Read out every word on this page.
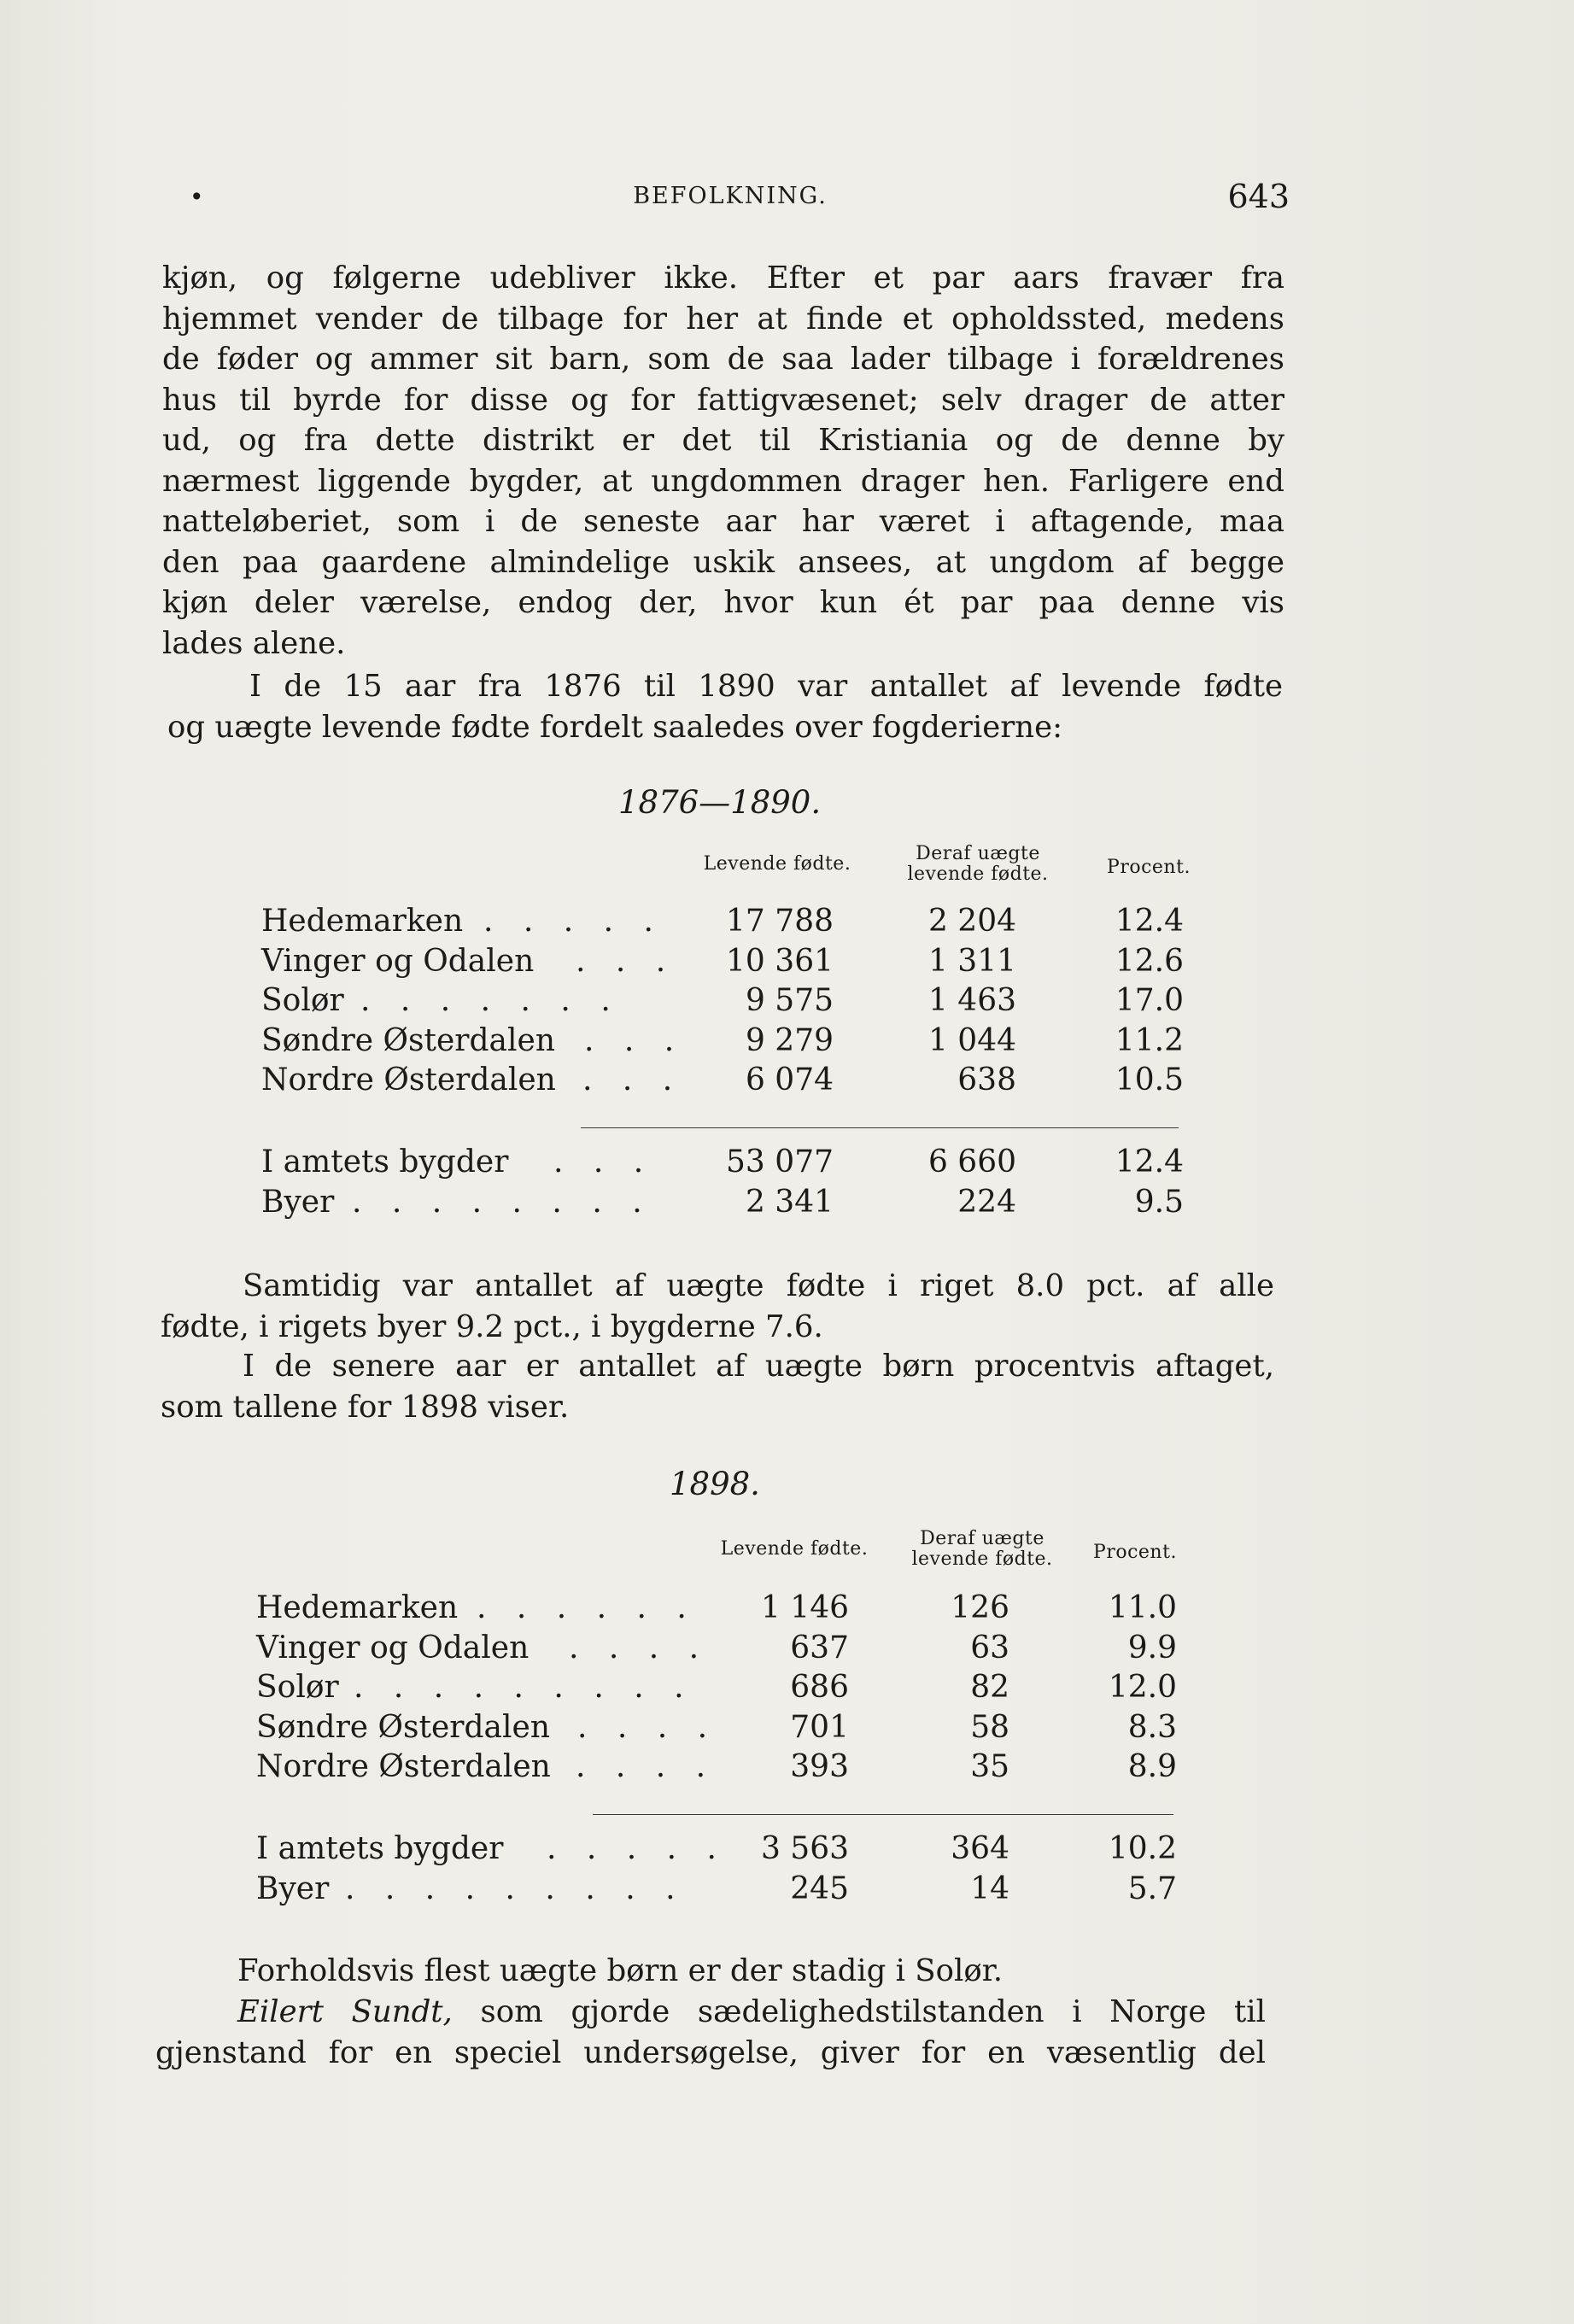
•	BEFOLKNING.	643

kjøn, og følgerne udebliver ikke. Efter et par aars fravær fra
hjemmet vender de tilbage for her at finde et opholdssted, medens
de føder og ammer sit barn, som de saa lader tilbage i forældrenes
hus til byrde for disse og for fattigvæsenet; selv drager de atter
ud, og fra dette distrikt er det til Kristiania og de denne by
nærmest liggende bygder, at ungdommen drager hen. Farligere end
natteløberiet, som i de seneste aar har været i aftagende, maa
den paa gaardene almindelige uskik ansees, at ungdom af begge
kjøn deler værelse, endog der, hvor kun ét par paa denne vis
lades alene.

I de 15 aar fra 1876 til 1890 var antallet af levende fødte
og uægte levende fødte fordelt saaledes over fogderierne:

1876—1890.
Levende fødte.	Deraf uægte
levende fødte.	Procent.
Hedemarken . . . . . 17 788	2 204	12.4
Vinger og Odalen . . . 10 361	1 311	12.6
Solør . . . . . . .	9 575	1 463	17.0
Søndre Østerdalen . . . 9 279	1 044	11.2
Nordre Østerdalen . . . 6 074	638	10.5
I amtets bygder . . . 53 077	6 660	12.4
Byer . . . . . . . .	2 341	224	9.5

Samtidig var antallet af uægte fødte i riget 8.0 pct. af alle
fødte, i rigets byer 9.2 pct., i bygderne 7.6.

I de senere aar er antallet af uægte børn procentvis aftaget,
som tallene for 1898 viser.

1898.
Levende fødte.	Deraf uægte
levende fødte.	Procent.
Hedemarken . . . . . . 1 146	126	11.0
Vinger og Odalen . . . .	637	63	9.9
Solør . . . . . . . . .	686	82	12.0
Søndre Østerdalen . . . . 701	58	8.3
Nordre Østerdalen . . . . 393	35	8.9
I amtets bygder . . . . . 3 563	364	10.2
Byer . . . . . . . . .	245	14	5.7

Forholdsvis flest uægte børn er der stadig i Solør.

Eilert Sundt, som gjorde sædelighedstilstanden i Norge til
gjenstand for en speciel undersøgelse, giver for en væsentlig del
